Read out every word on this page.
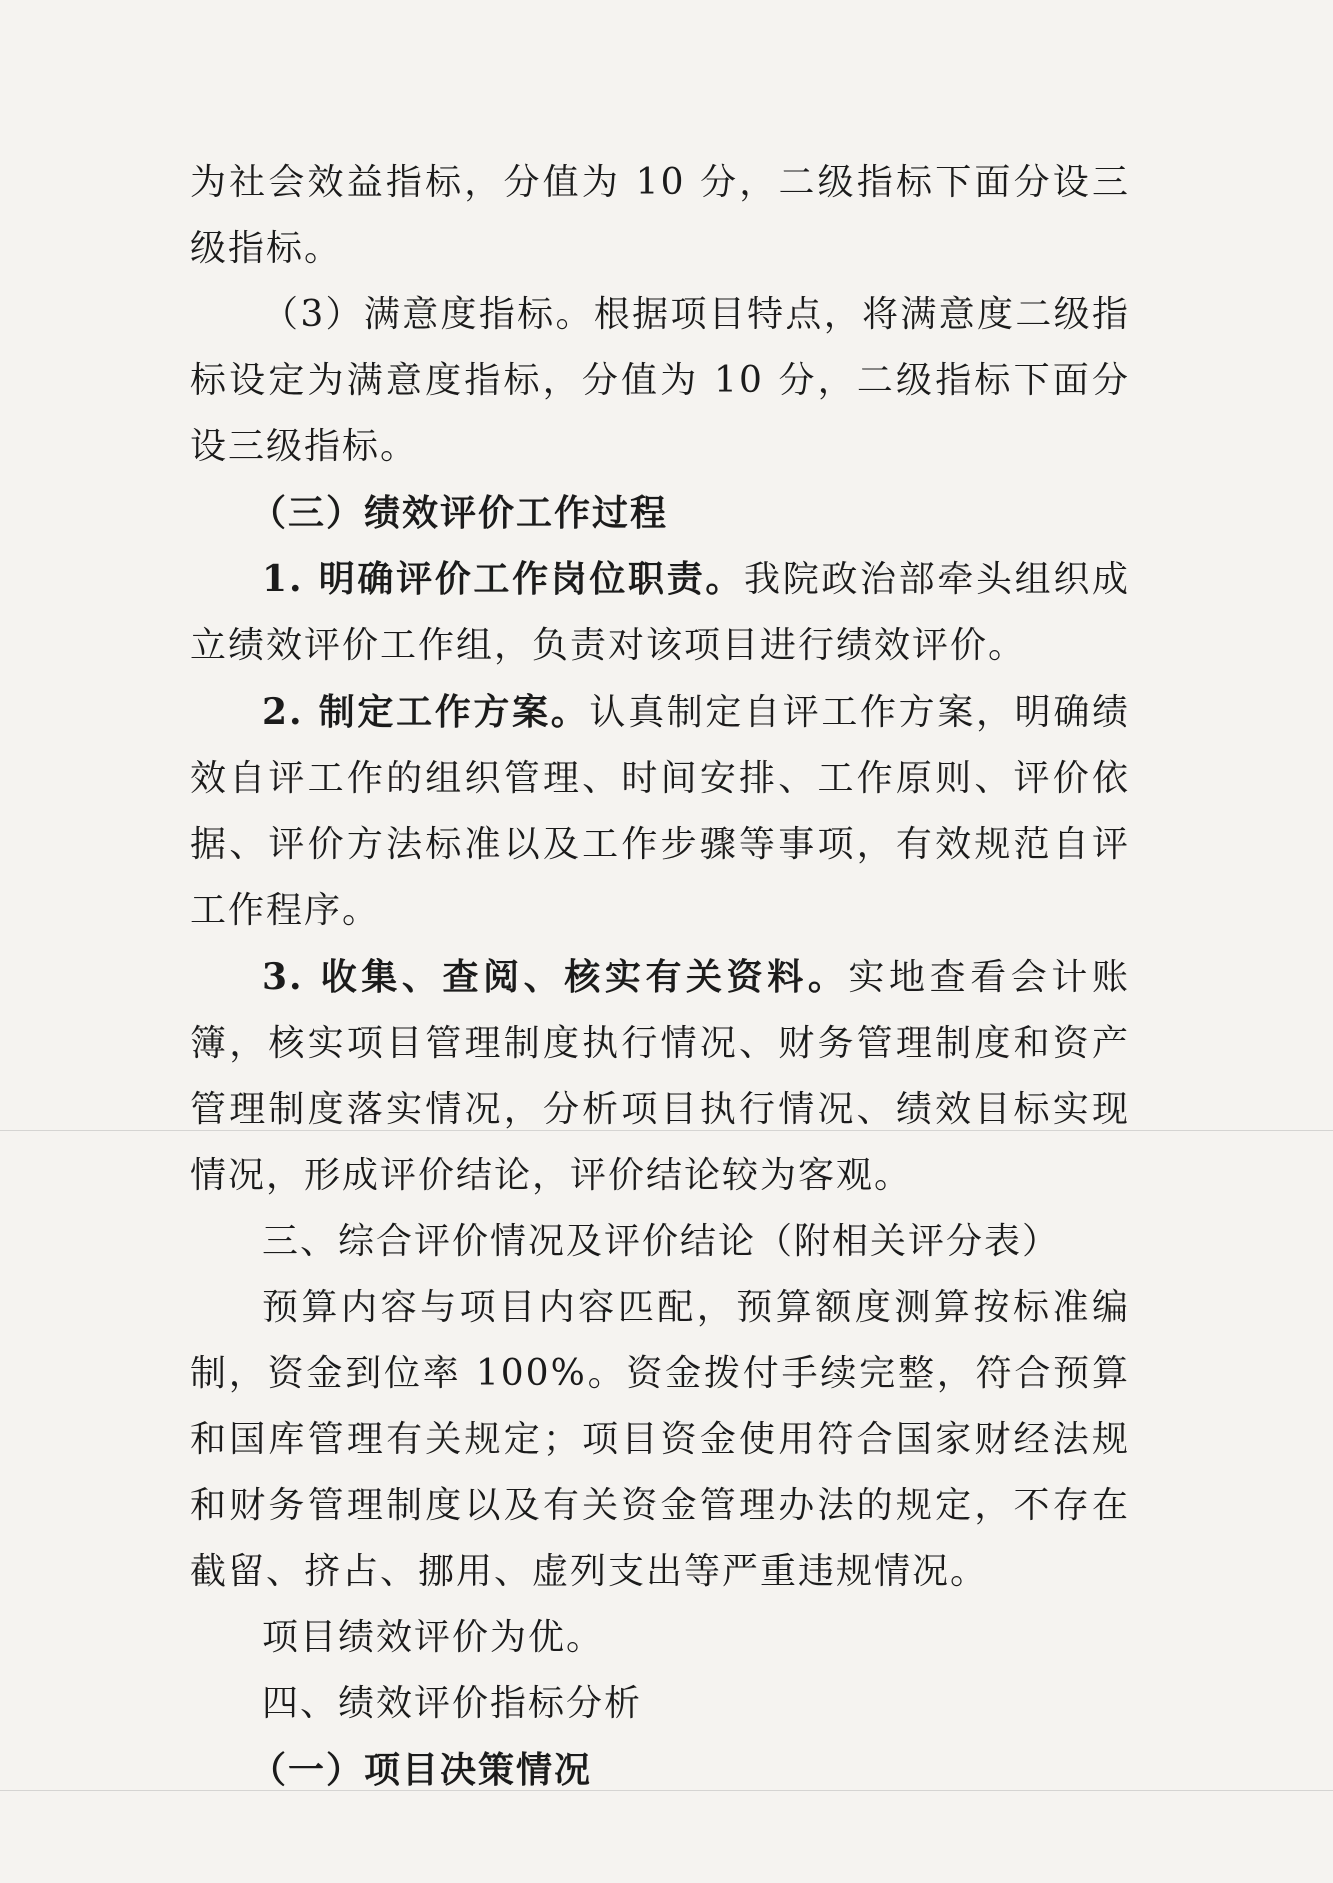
为社会效益指标，分值为 10 分，二级指标下面分设三级指标。

（3）满意度指标。根据项目特点，将满意度二级指标设定为满意度指标，分值为 10 分，二级指标下面分设三级指标。

（三）绩效评价工作过程

1. 明确评价工作岗位职责。我院政治部牵头组织成立绩效评价工作组，负责对该项目进行绩效评价。

2. 制定工作方案。认真制定自评工作方案，明确绩效自评工作的组织管理、时间安排、工作原则、评价依据、评价方法标准以及工作步骤等事项，有效规范自评工作程序。

3. 收集、查阅、核实有关资料。实地查看会计账簿，核实项目管理制度执行情况、财务管理制度和资产管理制度落实情况，分析项目执行情况、绩效目标实现情况，形成评价结论，评价结论较为客观。

三、综合评价情况及评价结论（附相关评分表）

预算内容与项目内容匹配，预算额度测算按标准编制，资金到位率 100%。资金拨付手续完整，符合预算和国库管理有关规定；项目资金使用符合国家财经法规和财务管理制度以及有关资金管理办法的规定，不存在截留、挤占、挪用、虚列支出等严重违规情况。

项目绩效评价为优。

四、绩效评价指标分析

（一）项目决策情况
